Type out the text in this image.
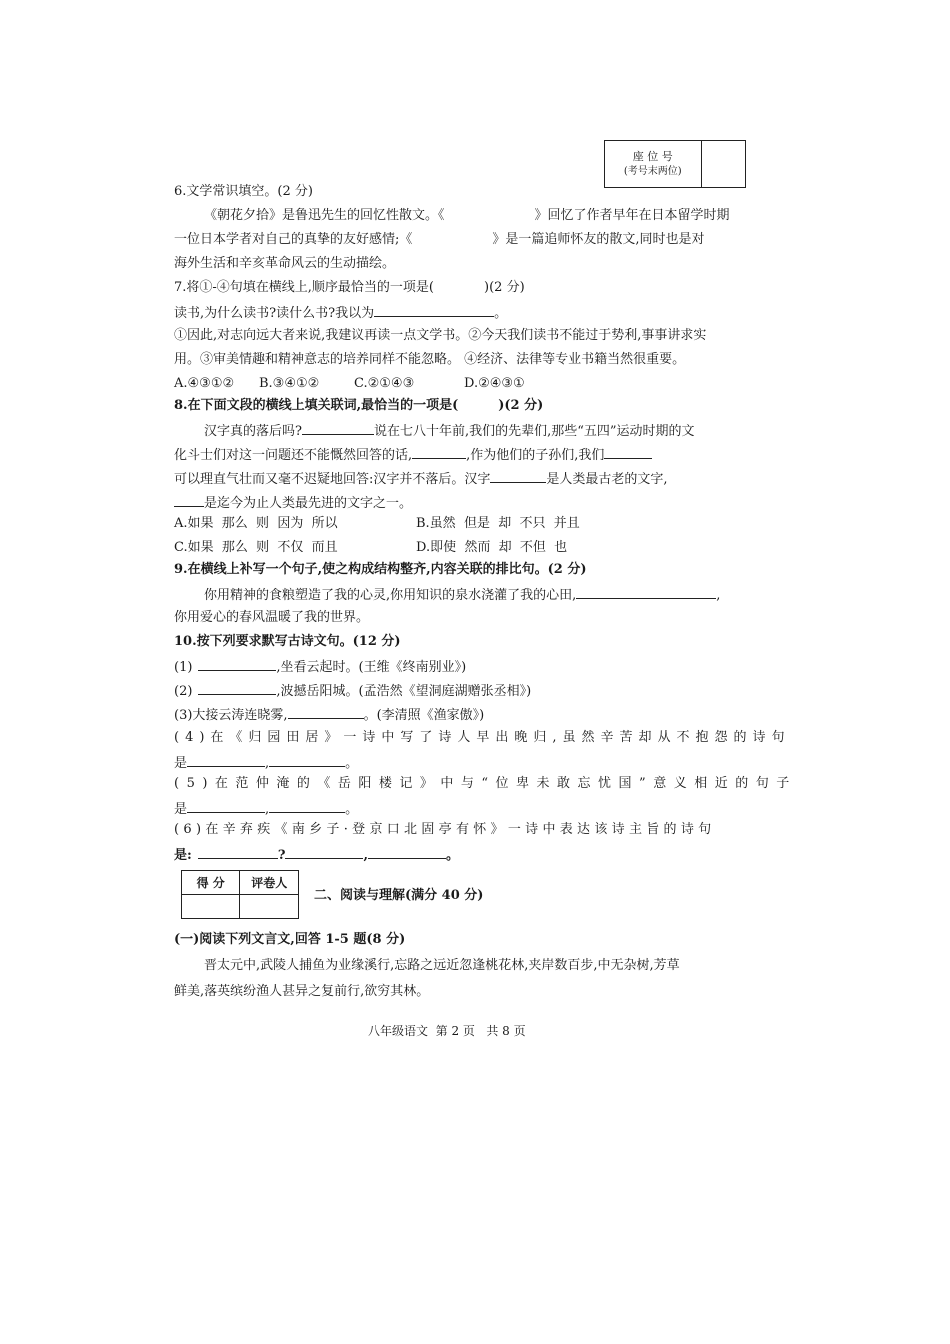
座 位 号
(考号末两位)

6.文学常识填空。(2 分)
《朝花夕拾》是鲁迅先生的回忆性散文。《	》回忆了作者早年在日本留学时期
一位日本学者对自己的真挚的友好感情;《	》是一篇追师怀友的散文,同时也是对
海外生活和辛亥革命风云的生动描绘。
7.将①-④句填在横线上,顺序最恰当的一项是(	)(2 分)
读书,为什么读书?读什么书?我以为	。
①因此,对志向远大者来说,我建议再读一点文学书。②今天我们读书不能过于势利,事事讲求实
用。③审美情趣和精神意志的培养同样不能忽略。 ④经济、法律等专业书籍当然很重要。
A.④③①② B.③④①②	C.②①④③	D.②④③①
8.在下面文段的横线上填关联词,最恰当的一项是(	)(2 分)
汉字真的落后吗?	说在七八十年前,我们的先辈们,那些“五四”运动时期的文
化斗士们对这一问题还不能慨然回答的话,	,作为他们的子孙们,我们
可以理直气壮而又毫不迟疑地回答:汉字并不落后。汉字	是人类最古老的文字,
是迄今为止人类最先进的文字之一。
A.如果  那么  则  因为  所以	B.虽然  但是  却  不只  并且
C.如果  那么  则  不仅  而且	D.即使  然而  却  不但  也
9.在横线上补写一个句子,使之构成结构整齐,内容关联的排比句。(2 分)
你用精神的食粮塑造了我的心灵,你用知识的泉水浇灌了我的心田,	,
你用爱心的春风温暖了我的世界。
10.按下列要求默写古诗文句。(12 分)
(1)	,坐看云起时。(王维《终南别业》)
(2)	,波撼岳阳城。(孟浩然《望洞庭湖赠张丞相》)
(3)大接云涛连晓雾,	。(李清照《渔家傲》)
(4)在《归园田居》一诗中写了诗人早出晚归,虽然辛苦却从不抱怨的诗句
是	,	。
(5)在范仲淹的《岳阳楼记》中与“位卑未敢忘忧国”意义相近的句子
是	,	。
(6)在辛弃疾《南乡子·登京口北固亭有怀》一诗中表达该诗主旨的诗句
是:	?	,	。
得 分	评卷人

二、阅读与理解(满分 40 分)
(一)阅读下列文言文,回答 1-5 题(8 分)
晋太元中,武陵人捕鱼为业缘溪行,忘路之远近忽逢桃花林,夹岸数百步,中无杂树,芳草
鲜美,落英缤纷渔人甚异之复前行,欲穷其林。
八年级语文  第 2 页   共 8 页
